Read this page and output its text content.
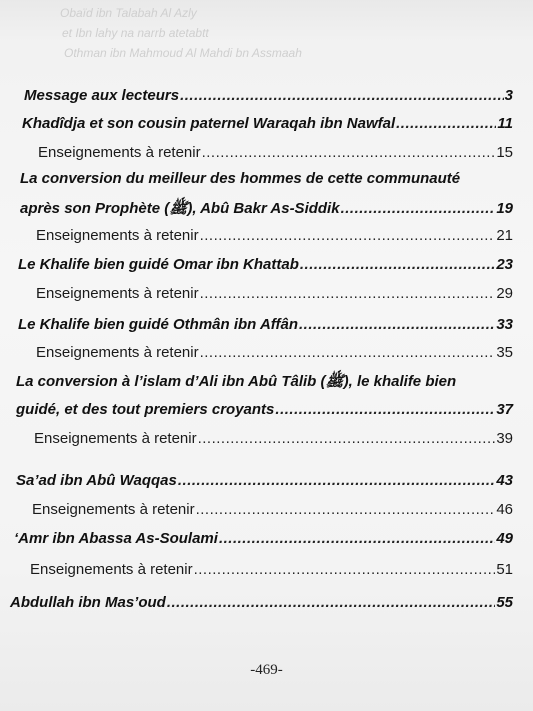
Obaïd ibn Talabah Al Azly
et Ibn lahy na narrb atetabtt
Othman ibn Mahmoud Al Mahdi bn Assmaah
Message aux lecteurs .....	3
Khadîdja et son cousin paternel Waraqah ibn Nawfal .....	11
Enseignements à retenir .....	15
La conversion du meilleur des hommes de cette communauté
après son Prophète (ﷺ), Abû Bakr As-Siddik .....	19
Enseignements à retenir .....	21
Le Khalife bien guidé Omar ibn Khattab .....	23
Enseignements à retenir .....	29
Le Khalife bien guidé Othmân ibn Affân .....	33
Enseignements à retenir .....	35
La conversion à l’islam d’Ali ibn Abû Tâlib (ﷺ), le khalife bien
guidé, et des tout premiers croyants .....	37
Enseignements à retenir .....	39
Sa’ad ibn Abû Waqqas .....	43
Enseignements à retenir .....	46
‘Amr ibn Abassa As-Soulami .....	49
Enseignements à retenir .....	51
Abdullah ibn Mas’oud .....	55
-469-
